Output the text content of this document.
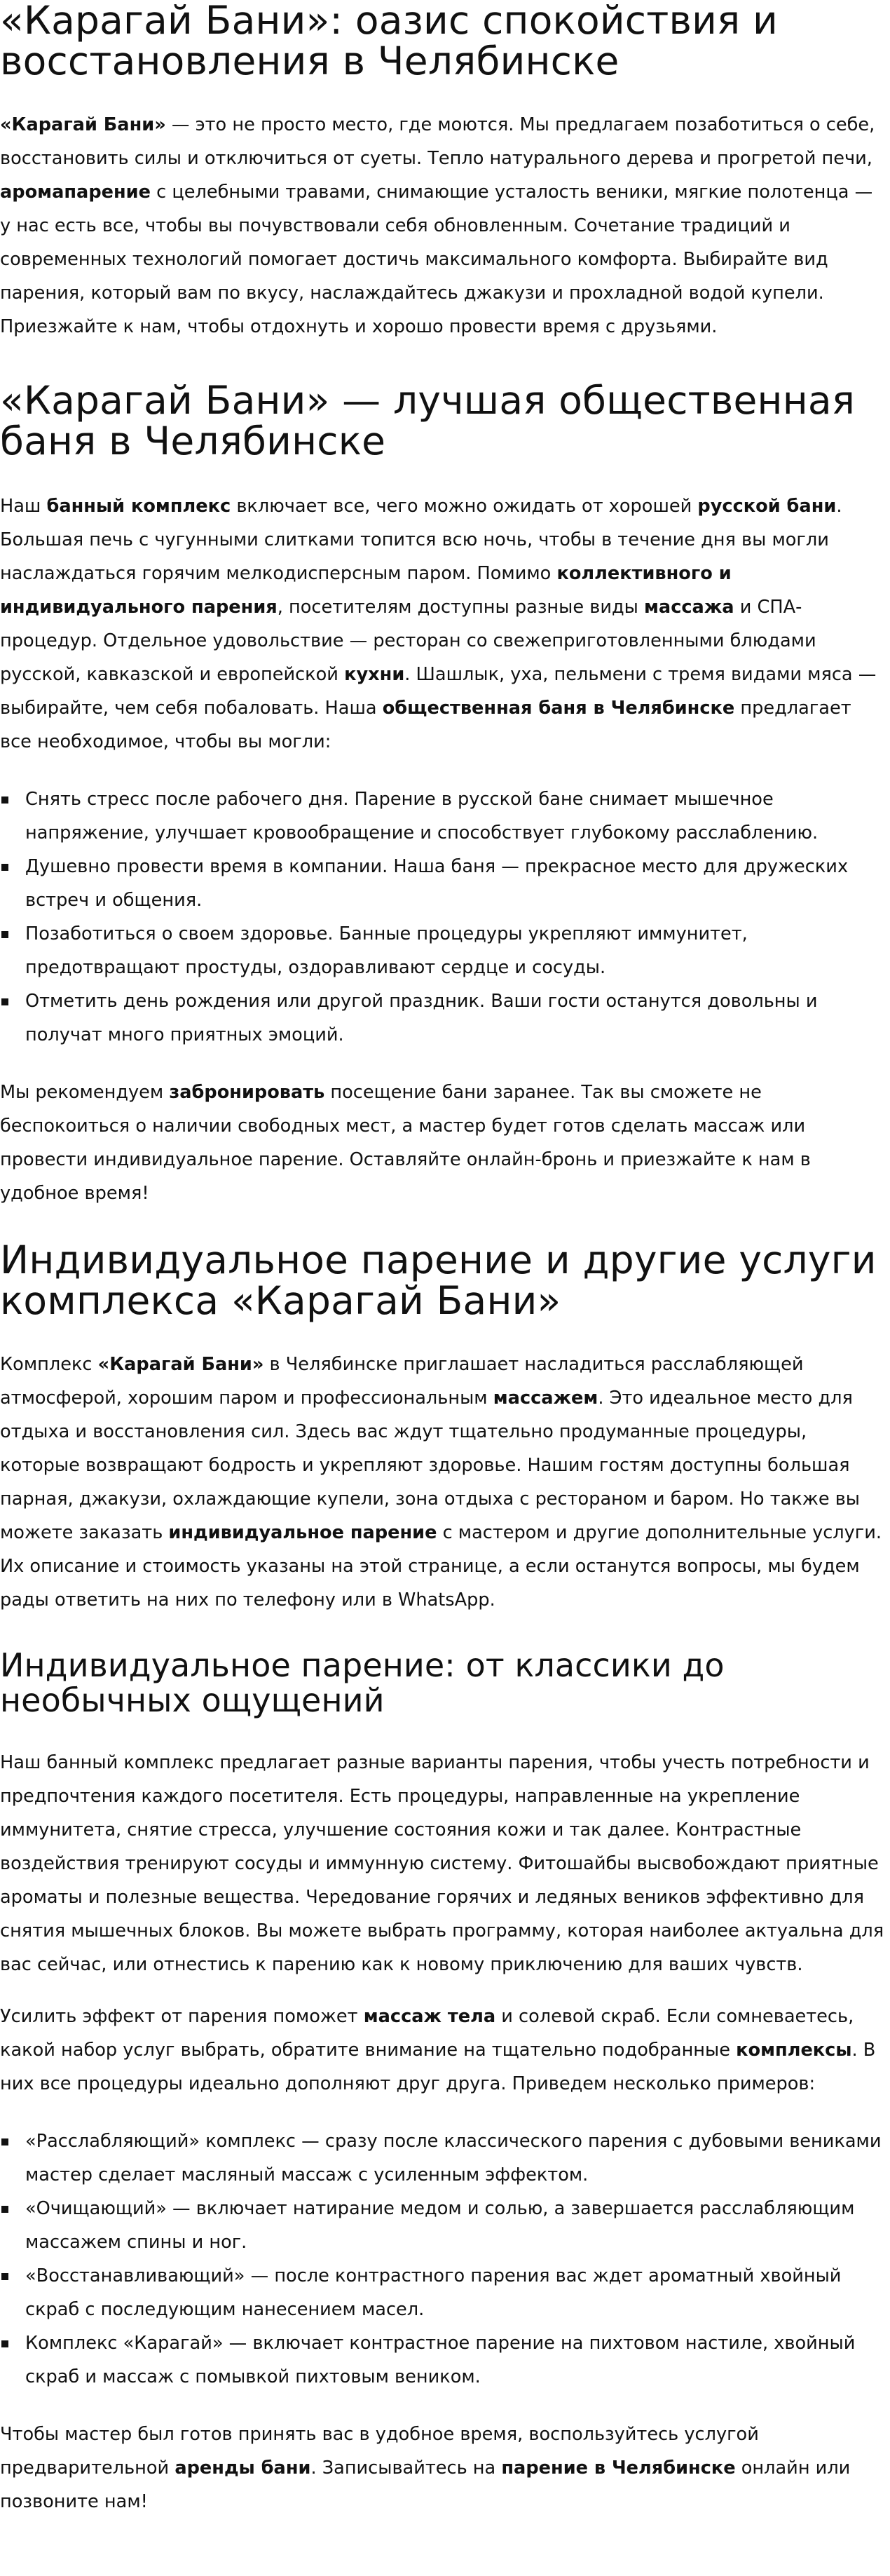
«Карагай Бани»: оазис спокойствия и восстановления в Челябинске

«Карагай Бани» — это не просто место, где моются. Мы предлагаем позаботиться о себе, восстановить силы и отключиться от суеты. Тепло натурального дерева и прогретой печи, аромапарение с целебными травами, снимающие усталость веники, мягкие полотенца — у нас есть все, чтобы вы почувствовали себя обновленным. Сочетание традиций и современных технологий помогает достичь максимального комфорта. Выбирайте вид парения, который вам по вкусу, наслаждайтесь джакузи и прохладной водой купели. Приезжайте к нам, чтобы отдохнуть и хорошо провести время с друзьями.

«Карагай Бани» — лучшая общественная баня в Челябинске

Наш банный комплекс включает все, чего можно ожидать от хорошей русской бани. Большая печь с чугунными слитками топится всю ночь, чтобы в течение дня вы могли наслаждаться горячим мелкодисперсным паром. Помимо коллективного и индивидуального парения, посетителям доступны разные виды массажа и СПА-процедур. Отдельное удовольствие — ресторан со свежеприготовленными блюдами русской, кавказской и европейской кухни. Шашлык, уха, пельмени с тремя видами мяса — выбирайте, чем себя побаловать. Наша общественная баня в Челябинске предлагает все необходимое, чтобы вы могли:

Снять стресс после рабочего дня. Парение в русской бане снимает мышечное напряжение, улучшает кровообращение и способствует глубокому расслаблению.
Душевно провести время в компании. Наша баня — прекрасное место для дружеских встреч и общения.
Позаботиться о своем здоровье. Банные процедуры укрепляют иммунитет, предотвращают простуды, оздоравливают сердце и сосуды.
Отметить день рождения или другой праздник. Ваши гости останутся довольны и получат много приятных эмоций.

Мы рекомендуем забронировать посещение бани заранее. Так вы сможете не беспокоиться о наличии свободных мест, а мастер будет готов сделать массаж или провести индивидуальное парение. Оставляйте онлайн-бронь и приезжайте к нам в удобное время!

Индивидуальное парение и другие услуги комплекса «Карагай Бани»

Комплекс «Карагай Бани» в Челябинске приглашает насладиться расслабляющей атмосферой, хорошим паром и профессиональным массажем. Это идеальное место для отдыха и восстановления сил. Здесь вас ждут тщательно продуманные процедуры, которые возвращают бодрость и укрепляют здоровье. Нашим гостям доступны большая парная, джакузи, охлаждающие купели, зона отдыха с рестораном и баром. Но также вы можете заказать индивидуальное парение с мастером и другие дополнительные услуги. Их описание и стоимость указаны на этой странице, а если останутся вопросы, мы будем рады ответить на них по телефону или в WhatsApp.

Индивидуальное парение: от классики до необычных ощущений

Наш банный комплекс предлагает разные варианты парения, чтобы учесть потребности и предпочтения каждого посетителя. Есть процедуры, направленные на укрепление иммунитета, снятие стресса, улучшение состояния кожи и так далее. Контрастные воздействия тренируют сосуды и иммунную систему. Фитошайбы высвобождают приятные ароматы и полезные вещества. Чередование горячих и ледяных веников эффективно для снятия мышечных блоков. Вы можете выбрать программу, которая наиболее актуальна для вас сейчас, или отнестись к парению как к новому приключению для ваших чувств.

Усилить эффект от парения поможет массаж тела и солевой скраб. Если сомневаетесь, какой набор услуг выбрать, обратите внимание на тщательно подобранные комплексы. В них все процедуры идеально дополняют друг друга. Приведем несколько примеров:

«Расслабляющий» комплекс — сразу после классического парения с дубовыми вениками мастер сделает масляный массаж с усиленным эффектом.
«Очищающий» — включает натирание медом и солью, а завершается расслабляющим массажем спины и ног.
«Восстанавливающий» — после контрастного парения вас ждет ароматный хвойный скраб с последующим нанесением масел.
Комплекс «Карагай» — включает контрастное парение на пихтовом настиле, хвойный скраб и массаж с помывкой пихтовым веником.

Чтобы мастер был готов принять вас в удобное время, воспользуйтесь услугой предварительной аренды бани. Записывайтесь на парение в Челябинске онлайн или позвоните нам!
